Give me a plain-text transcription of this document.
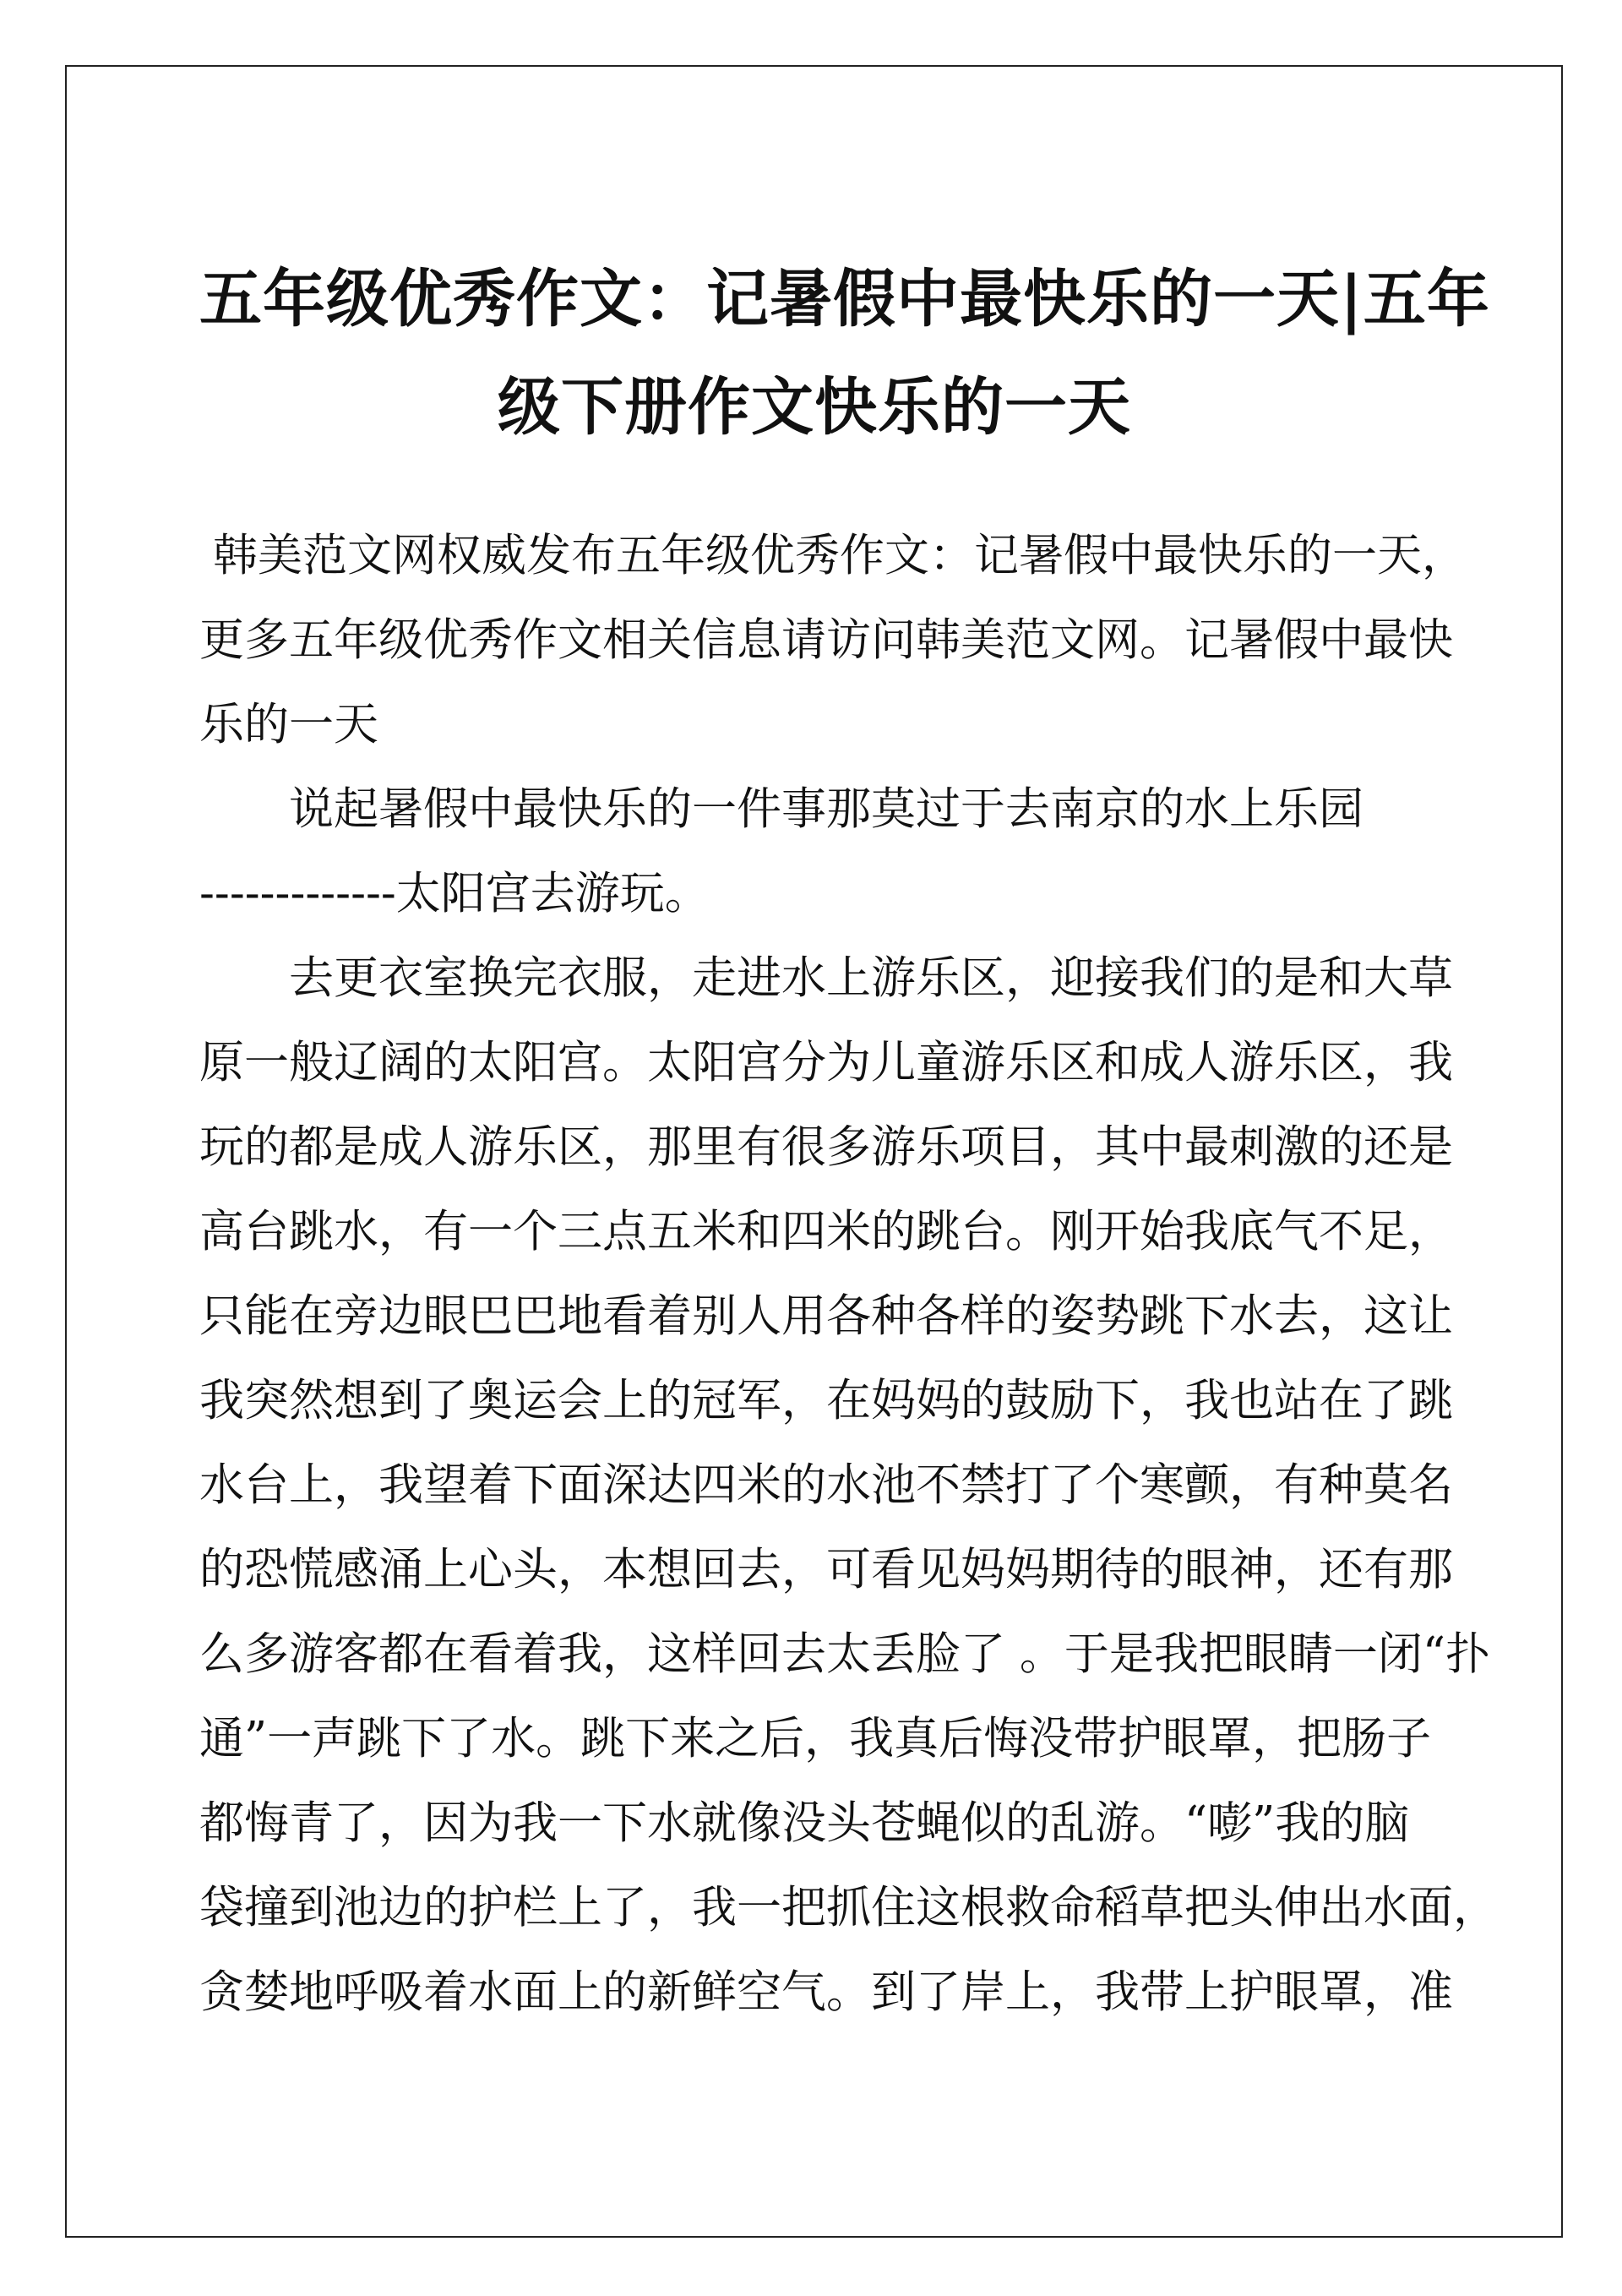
五年级优秀作文：记暑假中最快乐的一天|五年
级下册作文快乐的一天

韩美范文网权威发布五年级优秀作文：记暑假中最快乐的一天，
更多五年级优秀作文相关信息请访问韩美范文网。记暑假中最快
乐的一天

说起暑假中最快乐的一件事那莫过于去南京的水上乐园
-------------太阳宫去游玩。

去更衣室换完衣服，走进水上游乐区，迎接我们的是和大草
原一般辽阔的太阳宫。太阳宫分为儿童游乐区和成人游乐区，我
玩的都是成人游乐区，那里有很多游乐项目，其中最刺激的还是
高台跳水，有一个三点五米和四米的跳台。刚开始我底气不足，
只能在旁边眼巴巴地看着别人用各种各样的姿势跳下水去，这让
我突然想到了奥运会上的冠军，在妈妈的鼓励下，我也站在了跳
水台上，我望着下面深达四米的水池不禁打了个寒颤，有种莫名
的恐慌感涌上心头，本想回去，可看见妈妈期待的眼神，还有那
么多游客都在看着我，这样回去太丢脸了 。于是我把眼睛一闭“扑
通”一声跳下了水。跳下来之后，我真后悔没带护眼罩，把肠子
都悔青了，因为我一下水就像没头苍蝇似的乱游。“嘭”我的脑
袋撞到池边的护栏上了，我一把抓住这根救命稻草把头伸出水面，
贪婪地呼吸着水面上的新鲜空气。到了岸上，我带上护眼罩，准
